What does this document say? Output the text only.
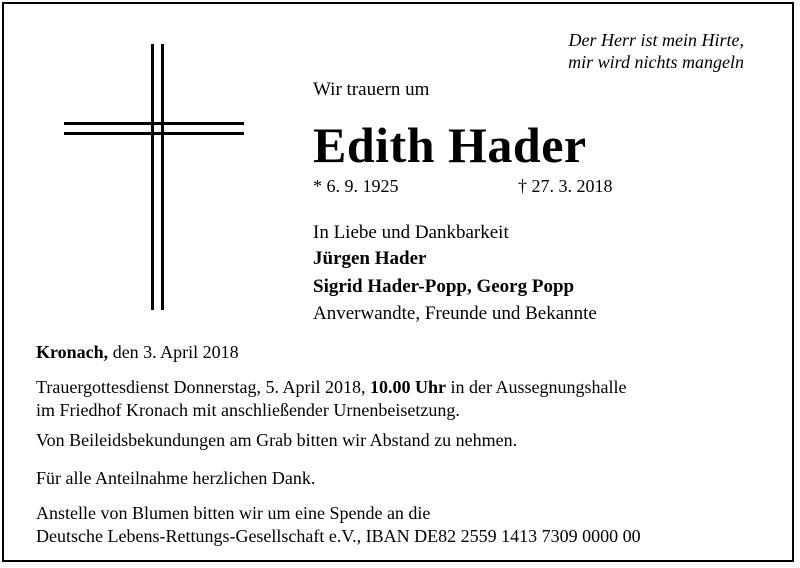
Der Herr ist mein Hirte,
mir wird nichts mangeln
Wir trauern um
Edith Hader
* 6. 9. 1925	† 27. 3. 2018
In Liebe und Dankbarkeit
Jürgen Hader
Sigrid Hader-Popp, Georg Popp
Anverwandte, Freunde und Bekannte
Kronach, den 3. April 2018
Trauergottesdienst Donnerstag, 5. April 2018, 10.00 Uhr in der Aussegnungshalle
im Friedhof Kronach mit anschließender Urnenbeisetzung.
Von Beileidsbekundungen am Grab bitten wir Abstand zu nehmen.
Für alle Anteilnahme herzlichen Dank.
Anstelle von Blumen bitten wir um eine Spende an die
Deutsche Lebens-Rettungs-Gesellschaft e.V., IBAN DE82 2559 1413 7309 0000 00
